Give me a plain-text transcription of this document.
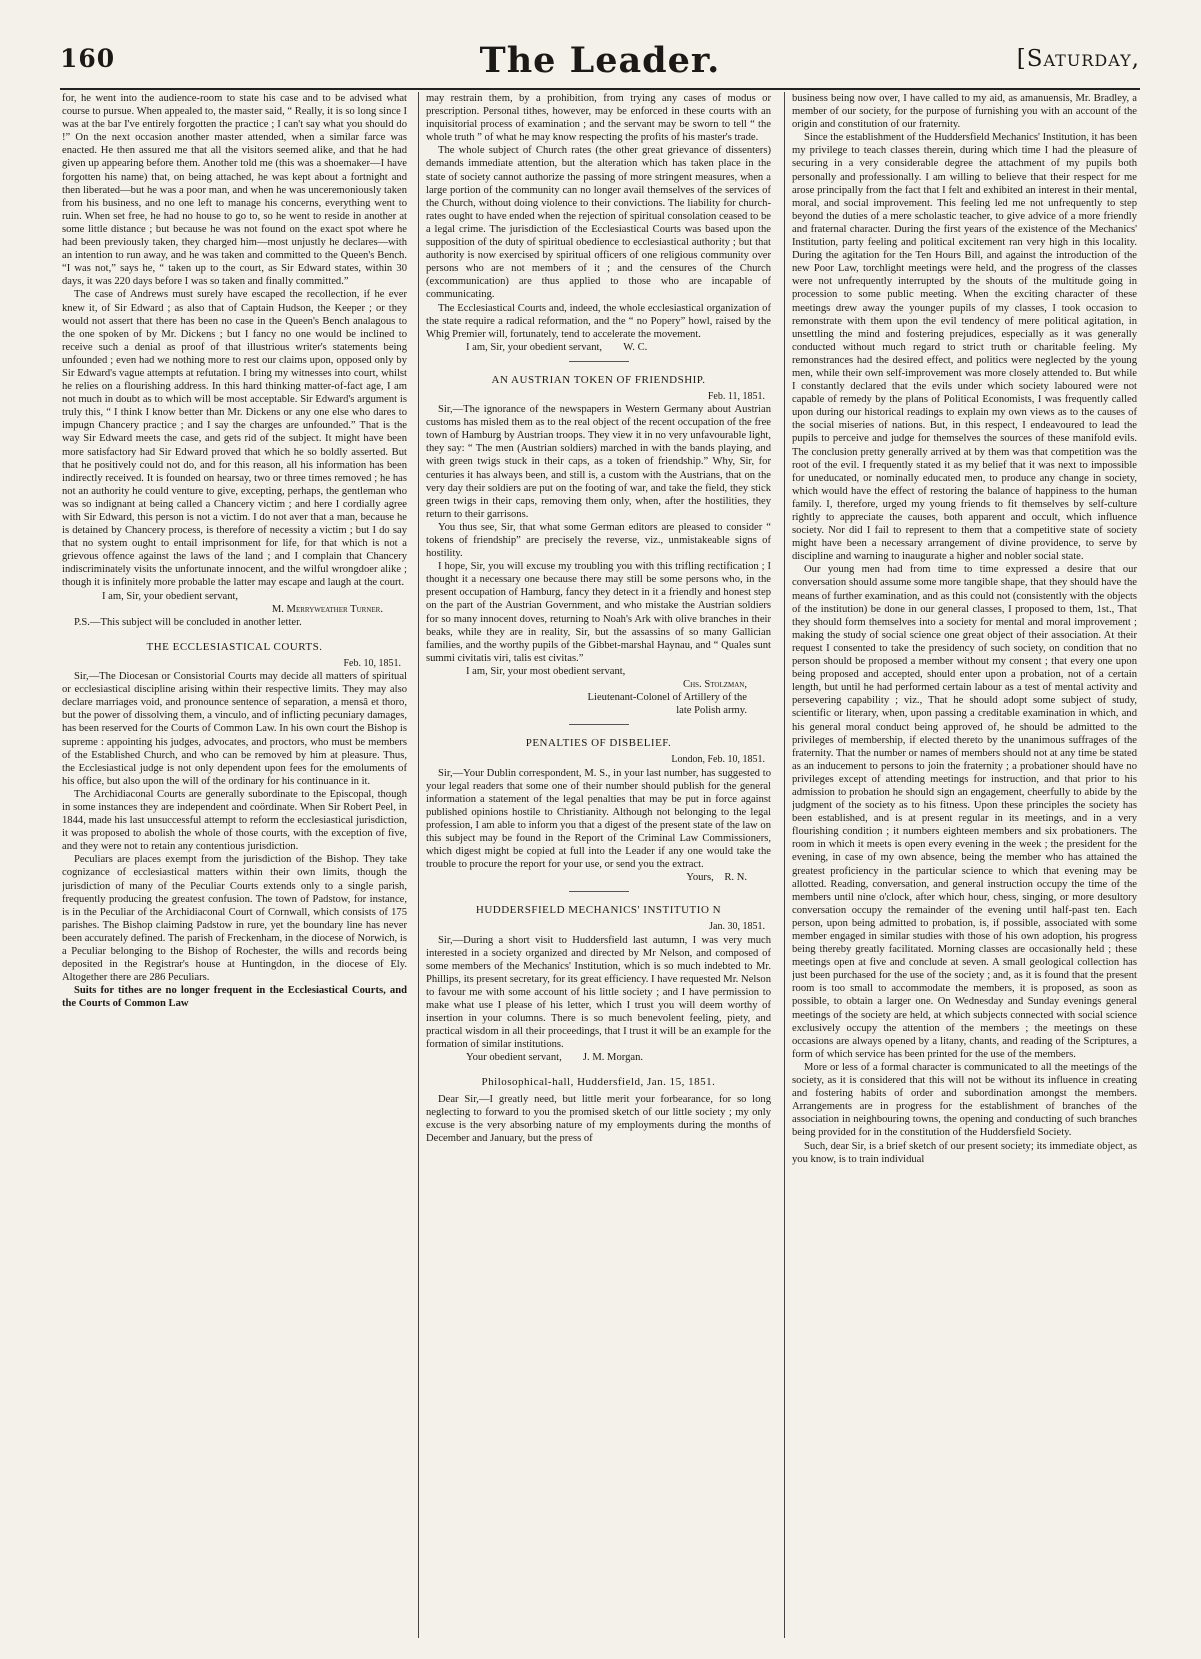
160	The Leader.	[Saturday,

for, he went into the audience-room to state his case and to be advised what course to pursue. When appealed to, the master said, “ Really, it is so long since I was at the bar I've entirely forgotten the practice ; I can't say what you should do !” On the next occasion another master attended, when a similar farce was enacted. He then assured me that all the visitors seemed alike, and that he had given up appearing before them. Another told me (this was a shoemaker—I have forgotten his name) that, on being attached, he was kept about a fortnight and then liberated—but he was a poor man, and when he was unceremoniously taken from his business, and no one left to manage his concerns, everything went to ruin. When set free, he had no house to go to, so he went to reside in another at some little distance ; but because he was not found on the exact spot where he had been previously taken, they charged him—most unjustly he declares—with an intention to run away, and he was taken and committed to the Queen's Bench. “I was not,” says he, “ taken up to the court, as Sir Edward states, within 30 days, it was 220 days before I was so taken and finally committed.”

The case of Andrews must surely have escaped the recollection, if he ever knew it, of Sir Edward ; as also that of Captain Hudson, the Keeper ; or they would not assert that there has been no case in the Queen's Bench analagous to the one spoken of by Mr. Dickens ; but I fancy no one would be inclined to receive such a denial as proof of that illustrious writer's statements being unfounded ; even had we nothing more to rest our claims upon, opposed only by Sir Edward's vague attempts at refutation. I bring my witnesses into court, whilst he relies on a flourishing address. In this hard thinking matter-of-fact age, I am not much in doubt as to which will be most acceptable. Sir Edward's argument is truly this, “ I think I know better than Mr. Dickens or any one else who dares to impugn Chancery practice ; and I say the charges are unfounded.” That is the way Sir Edward meets the case, and gets rid of the subject. It might have been more satisfactory had Sir Edward proved that which he so boldly asserted. But that he positively could not do, and for this reason, all his information has been indirectly received. It is founded on hearsay, two or three times removed ; he has not an authority he could venture to give, excepting, perhaps, the gentleman who was so indignant at being called a Chancery victim ; and here I cordially agree with Sir Edward, this person is not a victim. I do not aver that a man, because he is detained by Chancery process, is therefore of necessity a victim ; but I do say that no system ought to entail imprisonment for life, for that which is not a grievous offence against the laws of the land ; and I complain that Chancery indiscriminately visits the unfortunate innocent, and the wilful wrongdoer alike ; though it is infinitely more probable the latter may escape and laugh at the court.

I am, Sir, your obedient servant,

M. Merryweather Turner.

P.S.—This subject will be concluded in another letter.

THE ECCLESIASTICAL COURTS.

Feb. 10, 1851.

Sir,—The Diocesan or Consistorial Courts may decide all matters of spiritual or ecclesiastical discipline arising within their respective limits. They may also declare marriages void, and pronounce sentence of separation, a mensâ et thoro, but the power of dissolving them, a vinculo, and of inflicting pecuniary damages, has been reserved for the Courts of Common Law. In his own court the Bishop is supreme : appointing his judges, advocates, and proctors, who must be members of the Established Church, and who can be removed by him at pleasure. Thus, the Ecclesiastical judge is not only dependent upon fees for the emoluments of his office, but also upon the will of the ordinary for his continuance in it.

The Archidiaconal Courts are generally subordinate to the Episcopal, though in some instances they are independent and coördinate. When Sir Robert Peel, in 1844, made his last unsuccessful attempt to reform the ecclesiastical jurisdiction, it was proposed to abolish the whole of those courts, with the exception of five, and they were not to retain any contentious jurisdiction.

Peculiars are places exempt from the jurisdiction of the Bishop. They take cognizance of ecclesiastical matters within their own limits, though the jurisdiction of many of the Peculiar Courts extends only to a single parish, frequently producing the greatest confusion. The town of Padstow, for instance, is in the Peculiar of the Archidiaconal Court of Cornwall, which consists of 175 parishes. The Bishop claiming Padstow in rure, yet the boundary line has never been accurately defined. The parish of Freckenham, in the diocese of Norwich, is a Peculiar belonging to the Bishop of Rochester, the wills and records being deposited in the Registrar's house at Huntingdon, in the diocese of Ely. Altogether there are 286 Peculiars.

Suits for tithes are no longer frequent in the Ecclesiastical Courts, and the Courts of Common Law

may restrain them, by a prohibition, from trying any cases of modus or prescription. Personal tithes, however, may be enforced in these courts with an inquisitorial process of examination ; and the servant may be sworn to tell “ the whole truth ” of what he may know respecting the profits of his master's trade.

The whole subject of Church rates (the other great grievance of dissenters) demands immediate attention, but the alteration which has taken place in the state of society cannot authorize the passing of more stringent measures, when a large portion of the community can no longer avail themselves of the services of the Church, without doing violence to their convictions. The liability for church-rates ought to have ended when the rejection of spiritual consolation ceased to be a legal crime. The jurisdiction of the Ecclesiastical Courts was based upon the supposition of the duty of spiritual obedience to ecclesiastical authority ; but that authority is now exercised by spiritual officers of one religious community over persons who are not members of it ; and the censures of the Church (excommunication) are thus applied to those who are incapable of communicating.

The Ecclesiastical Courts and, indeed, the whole ecclesiastical organization of the state require a radical reformation, and the “ no Popery” howl, raised by the Whig Premier will, fortunately, tend to accelerate the movement.

I am, Sir, your obedient servant,  W. C.

AN AUSTRIAN TOKEN OF FRIENDSHIP.

Feb. 11, 1851.

Sir,—The ignorance of the newspapers in Western Germany about Austrian customs has misled them as to the real object of the recent occupation of the free town of Hamburg by Austrian troops. They view it in no very unfavourable light, they say: “ The men (Austrian soldiers) marched in with the bands playing, and with green twigs stuck in their caps, as a token of friendship.” Why, Sir, for centuries it has always been, and still is, a custom with the Austrians, that on the very day their soldiers are put on the footing of war, and take the field, they stick green twigs in their caps, removing them only, when, after the hostilities, they return to their garrisons.

You thus see, Sir, that what some German editors are pleased to consider “ tokens of friendship” are precisely the reverse, viz., unmistakeable signs of hostility.

I hope, Sir, you will excuse my troubling you with this trifling rectification ; I thought it a necessary one because there may still be some persons who, in the present occupation of Hamburg, fancy they detect in it a friendly and honest step on the part of the Austrian Government, and who mistake the Austrian soldiers for so many innocent doves, returning to Noah's Ark with olive branches in their beaks, while they are in reality, Sir, but the assassins of so many Gallician families, and the worthy pupils of the Gibbet-marshal Haynau, and “ Quales sunt summi civitatis viri, talis est civitas.”

I am, Sir, your most obedient servant,

Chs. Stolzman,

Lieutenant-Colonel of Artillery of the

late Polish army.

PENALTIES OF DISBELIEF.

London, Feb. 10, 1851.

Sir,—Your Dublin correspondent, M. S., in your last number, has suggested to your legal readers that some one of their number should publish for the general information a statement of the legal penalties that may be put in force against published opinions hostile to Christianity. Although not belonging to the legal profession, I am able to inform you that a digest of the present state of the law on this subject may be found in the Report of the Criminal Law Commissioners, which digest might be copied at full into the Leader if any one would take the trouble to procure the report for your use, or send you the extract.

Yours, R. N.

HUDDERSFIELD MECHANICS' INSTITUTIO N

Jan. 30, 1851.

Sir,—During a short visit to Huddersfield last autumn, I was very much interested in a society organized and directed by Mr Nelson, and composed of some members of the Mechanics' Institution, which is so much indebted to Mr. Phillips, its present secretary, for its great efficiency. I have requested Mr. Nelson to favour me with some account of his little society ; and I have permission to make what use I please of his letter, which I trust you will deem worthy of insertion in your columns. There is so much benevolent feeling, piety, and practical wisdom in all their proceedings, that I trust it will be an example for the formation of similar institutions.

Your obedient servant,  J. M. Morgan.

Philosophical-hall, Huddersfield, Jan. 15, 1851.

Dear Sir,—I greatly need, but little merit your forbearance, for so long neglecting to forward to you the promised sketch of our little society ; my only excuse is the very absorbing nature of my employments during the months of December and January, but the press of

business being now over, I have called to my aid, as amanuensis, Mr. Bradley, a member of our society, for the purpose of furnishing you with an account of the origin and constitution of our fraternity.

Since the establishment of the Huddersfield Mechanics' Institution, it has been my privilege to teach classes therein, during which time I had the pleasure of securing in a very considerable degree the attachment of my pupils both personally and professionally. I am willing to believe that their respect for me arose principally from the fact that I felt and exhibited an interest in their mental, moral, and social improvement. This feeling led me not unfrequently to step beyond the duties of a mere scholastic teacher, to give advice of a more friendly and fraternal character. During the first years of the existence of the Mechanics' Institution, party feeling and political excitement ran very high in this locality. During the agitation for the Ten Hours Bill, and against the introduction of the new Poor Law, torchlight meetings were held, and the progress of the classes were not unfrequently interrupted by the shouts of the multitude going in procession to some public meeting. When the exciting character of these meetings drew away the younger pupils of my classes, I took occasion to remonstrate with them upon the evil tendency of mere political agitation, in unsettling the mind and fostering prejudices, especially as it was generally conducted without much regard to strict truth or charitable feeling. My remonstrances had the desired effect, and politics were neglected by the young men, while their own self-improvement was more closely attended to. But while I constantly declared that the evils under which society laboured were not capable of remedy by the plans of Political Economists, I was frequently called upon during our historical readings to explain my own views as to the causes of the social miseries of nations. But, in this respect, I endeavoured to lead the pupils to perceive and judge for themselves the sources of these manifold evils. The conclusion pretty generally arrived at by them was that competition was the root of the evil. I frequently stated it as my belief that it was next to impossible for uneducated, or nominally educated men, to produce any change in society, which would have the effect of restoring the balance of happiness to the human family. I, therefore, urged my young friends to fit themselves by self-culture rightly to appreciate the causes, both apparent and occult, which influence society. Nor did I fail to represent to them that a competitive state of society might have been a necessary arrangement of divine providence, to serve by discipline and warning to inaugurate a higher and nobler social state.

Our young men had from time to time expressed a desire that our conversation should assume some more tangible shape, that they should have the means of further examination, and as this could not (consistently with the objects of the institution) be done in our general classes, I proposed to them, 1st., That they should form themselves into a society for mental and moral improvement ; making the study of social science one great object of their association. At their request I consented to take the presidency of such society, on condition that no person should be proposed a member without my consent ; that every one upon being proposed and accepted, should enter upon a probation, not of a certain length, but until he had performed certain labour as a test of mental activity and persevering capability ; viz., That he should adopt some subject of study, scientific or literary, when, upon passing a creditable examination in which, and his general moral conduct being approved of, he should be admitted to the privileges of membership, if elected thereto by the unanimous suffrages of the fraternity. That the number or names of members should not at any time be stated as an inducement to persons to join the fraternity ; a probationer should have no privileges except of attending meetings for instruction, and that prior to his admission to probation he should sign an engagement, cheerfully to abide by the judgment of the society as to his fitness. Upon these principles the society has been established, and is at present regular in its meetings, and in a very flourishing condition ; it numbers eighteen members and six probationers. The room in which it meets is open every evening in the week ; the president for the evening, in case of my own absence, being the member who has attained the greatest proficiency in the particular science to which that evening may be allotted. Reading, conversation, and general instruction occupy the time of the members until nine o'clock, after which hour, chess, singing, or more desultory conversation occupy the remainder of the evening until half-past ten. Each person, upon being admitted to probation, is, if possible, associated with some member engaged in similar studies with those of his own adoption, his progress being thereby greatly facilitated. Morning classes are occasionally held ; these meetings open at five and conclude at seven. A small geological collection has just been purchased for the use of the society ; and, as it is found that the present room is too small to accommodate the members, it is proposed, as soon as possible, to obtain a larger one. On Wednesday and Sunday evenings general meetings of the society are held, at which subjects connected with social science exclusively occupy the attention of the members ; the meetings on these occasions are always opened by a litany, chants, and reading of the Scriptures, a form of which service has been printed for the use of the members.

More or less of a formal character is communicated to all the meetings of the society, as it is considered that this will not be without its influence in creating and fostering habits of order and subordination amongst the members. Arrangements are in progress for the establishment of branches of the association in neighbouring towns, the opening and conducting of such branches being provided for in the constitution of the Huddersfield Society.

Such, dear Sir, is a brief sketch of our present society; its immediate object, as you know, is to train individual
